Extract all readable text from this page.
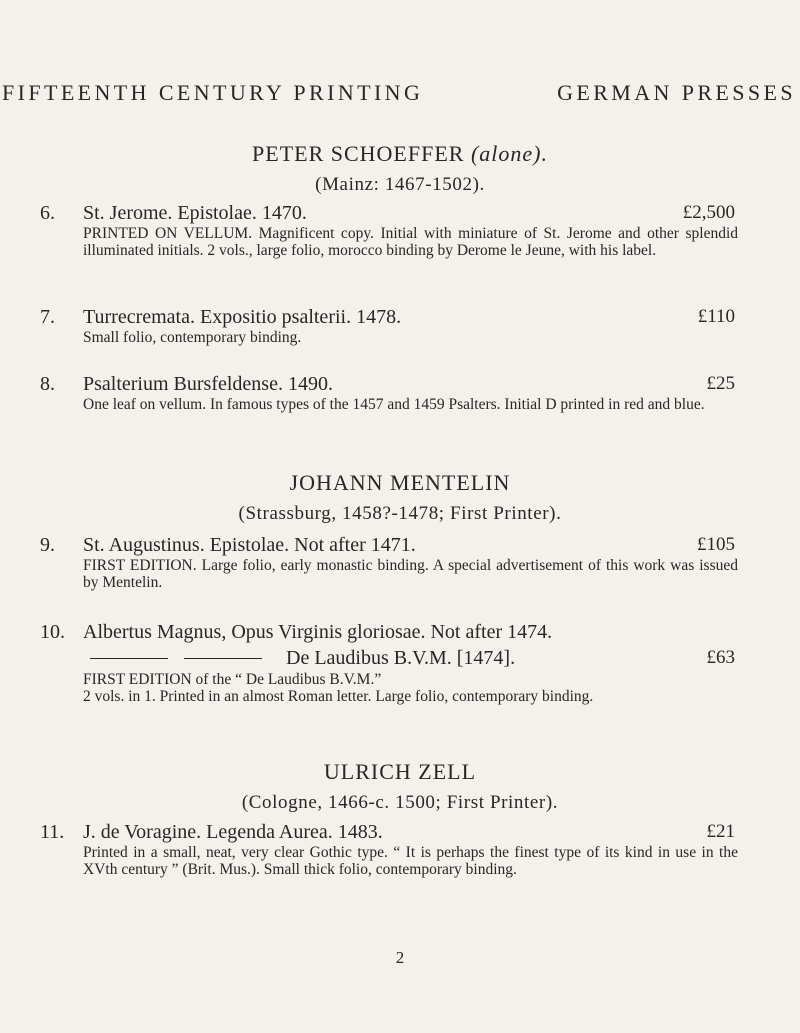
FIFTEENTH CENTURY PRINTING	GERMAN PRESSES
PETER SCHOEFFER (alone).
(Mainz: 1467-1502).
6.	St. Jerome. Epistolae. 1470.	£2,500
PRINTED ON VELLUM. Magnificent copy. Initial with miniature of St. Jerome and other splendid illuminated initials. 2 vols., large folio, morocco binding by Derome le Jeune, with his label.
7.	Turrecremata. Expositio psalterii. 1478.	£110
Small folio, contemporary binding.
8.	Psalterium Bursfeldense. 1490.	£25
One leaf on vellum. In famous types of the 1457 and 1459 Psalters. Initial D printed in red and blue.
JOHANN MENTELIN
(Strassburg, 1458?-1478; First Printer).
9.	St. Augustinus. Epistolae. Not after 1471.	£105
FIRST EDITION. Large folio, early monastic binding. A special advertisement of this work was issued by Mentelin.
10. Albertus Magnus, Opus Virginis gloriosae. Not after 1474.
De Laudibus B.V.M. [1474].	£63
FIRST EDITION of the “ De Laudibus B.V.M.”
2 vols. in 1. Printed in an almost Roman letter. Large folio, contemporary binding.
ULRICH ZELL
(Cologne, 1466-c. 1500; First Printer).
11. J. de Voragine. Legenda Aurea. 1483.	£21
Printed in a small, neat, very clear Gothic type. “ It is perhaps the finest type of its kind in use in the XVth century ” (Brit. Mus.). Small thick folio, contemporary binding.
2
